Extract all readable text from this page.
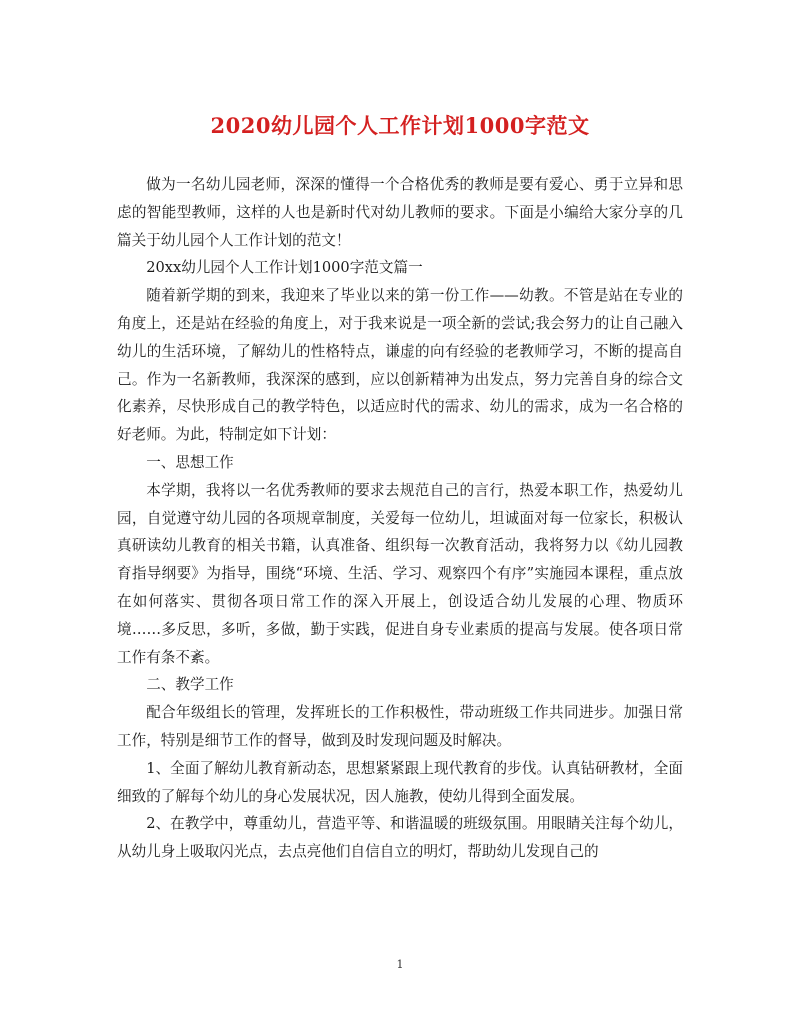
2020幼儿园个人工作计划1000字范文

做为一名幼儿园老师，深深的懂得一个合格优秀的教师是要有爱心、勇于立异和思虑的智能型教师，这样的人也是新时代对幼儿教师的要求。下面是小编给大家分享的几篇关于幼儿园个人工作计划的范文！

20xx幼儿园个人工作计划1000字范文篇一

随着新学期的到来，我迎来了毕业以来的第一份工作——幼教。不管是站在专业的角度上，还是站在经验的角度上，对于我来说是一项全新的尝试;我会努力的让自己融入幼儿的生活环境，了解幼儿的性格特点，谦虚的向有经验的老教师学习，不断的提高自己。作为一名新教师，我深深的感到，应以创新精神为出发点，努力完善自身的综合文化素养，尽快形成自己的教学特色，以适应时代的需求、幼儿的需求，成为一名合格的好老师。为此，特制定如下计划：

一、思想工作

本学期，我将以一名优秀教师的要求去规范自己的言行，热爱本职工作，热爱幼儿园，自觉遵守幼儿园的各项规章制度，关爱每一位幼儿，坦诚面对每一位家长，积极认真研读幼儿教育的相关书籍，认真准备、组织每一次教育活动，我将努力以《幼儿园教育指导纲要》为指导，围绕“环境、生活、学习、观察四个有序”实施园本课程，重点放在如何落实、贯彻各项日常工作的深入开展上，创设适合幼儿发展的心理、物质环境……多反思，多听，多做，勤于实践，促进自身专业素质的提高与发展。使各项日常工作有条不紊。

二、教学工作

配合年级组长的管理，发挥班长的工作积极性，带动班级工作共同进步。加强日常工作，特别是细节工作的督导，做到及时发现问题及时解决。

1、全面了解幼儿教育新动态，思想紧紧跟上现代教育的步伐。认真钻研教材，全面细致的了解每个幼儿的身心发展状况，因人施教，使幼儿得到全面发展。

2、在教学中，尊重幼儿，营造平等、和谐温暖的班级氛围。用眼睛关注每个幼儿，从幼儿身上吸取闪光点，去点亮他们自信自立的明灯，帮助幼儿发现自己的

1
